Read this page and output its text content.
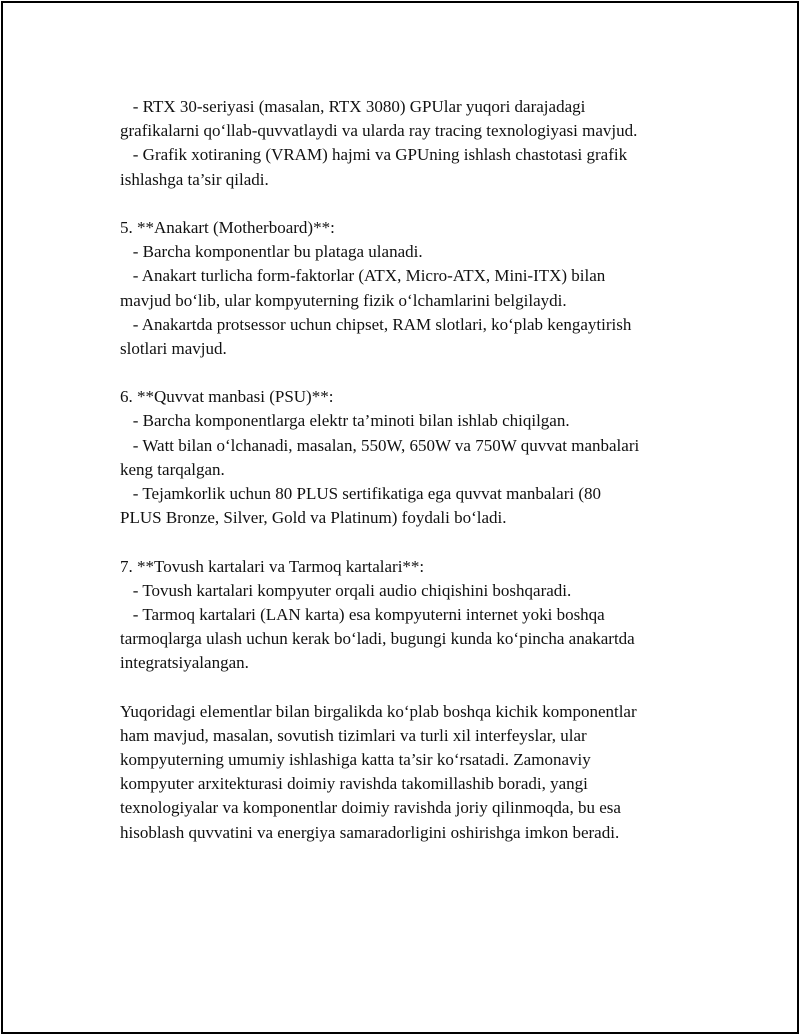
- RTX 30-seriyasi (masalan, RTX 3080) GPUlar yuqori darajadagi
grafikalarni qo‘llab-quvvatlaydi va ularda ray tracing texnologiyasi mavjud.
- Grafik xotiraning (VRAM) hajmi va GPUning ishlash chastotasi grafik
ishlashga ta’sir qiladi.
5. **Anakart (Motherboard)**:
- Barcha komponentlar bu plataga ulanadi.
- Anakart turlicha form-faktorlar (ATX, Micro-ATX, Mini-ITX) bilan
mavjud bo‘lib, ular kompyuterning fizik o‘lchamlarini belgilaydi.
- Anakartda protsessor uchun chipset, RAM slotlari, ko‘plab kengaytirish
slotlari mavjud.
6. **Quvvat manbasi (PSU)**:
- Barcha komponentlarga elektr ta’minoti bilan ishlab chiqilgan.
- Watt bilan o‘lchanadi, masalan, 550W, 650W va 750W quvvat manbalari
keng tarqalgan.
- Tejamkorlik uchun 80 PLUS sertifikatiga ega quvvat manbalari (80
PLUS Bronze, Silver, Gold va Platinum) foydali bo‘ladi.
7. **Tovush kartalari va Tarmoq kartalari**:
- Tovush kartalari kompyuter orqali audio chiqishini boshqaradi.
- Tarmoq kartalari (LAN karta) esa kompyuterni internet yoki boshqa
tarmoqlarga ulash uchun kerak bo‘ladi, bugungi kunda ko‘pincha anakartda
integratsiyalangan.
Yuqoridagi elementlar bilan birgalikda ko‘plab boshqa kichik komponentlar
ham mavjud, masalan, sovutish tizimlari va turli xil interfeyslar, ular
kompyuterning umumiy ishlashiga katta ta’sir ko‘rsatadi. Zamonaviy
kompyuter arxitekturasi doimiy ravishda takomillashib boradi, yangi
texnologiyalar va komponentlar doimiy ravishda joriy qilinmoqda, bu esa
hisoblash quvvatini va energiya samaradorligini oshirishga imkon beradi.
